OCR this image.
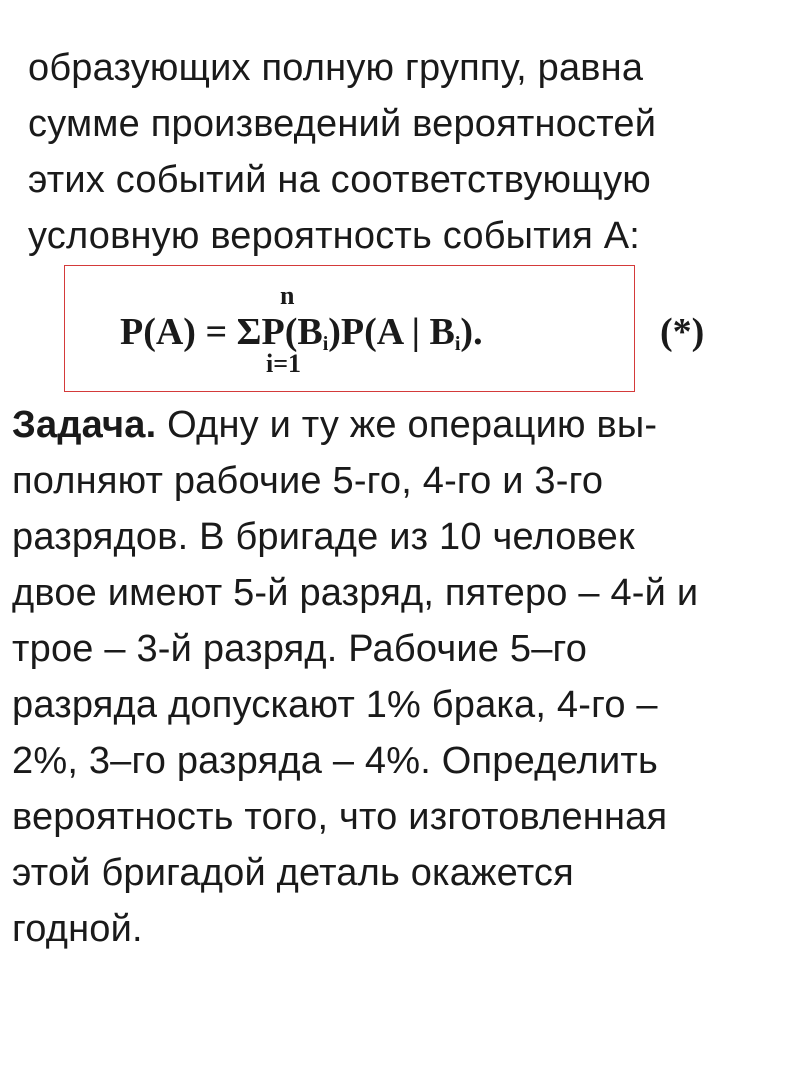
образующих полную группу, равна
сумме произведений вероятностей
этих событий на соответствующую
условную вероятность события А:
n
$P(A) = \Sigma P(B_i)P(A$ | $B_i$).
i=1
(*)
Задача. Одну и ту же операцию вы-
полняют рабочие 5-го, 4-го и 3-го
разрядов. В бригаде из 10 человек
двое имеют 5-й разряд, пятеро – 4-й и
трое – 3-й разряд. Рабочие 5–го
разряда допускают 1% брака, 4-го –
2%, 3–го разряда – 4%. Определить
вероятность того, что изготовленная
этой бригадой деталь окажется
годной.
